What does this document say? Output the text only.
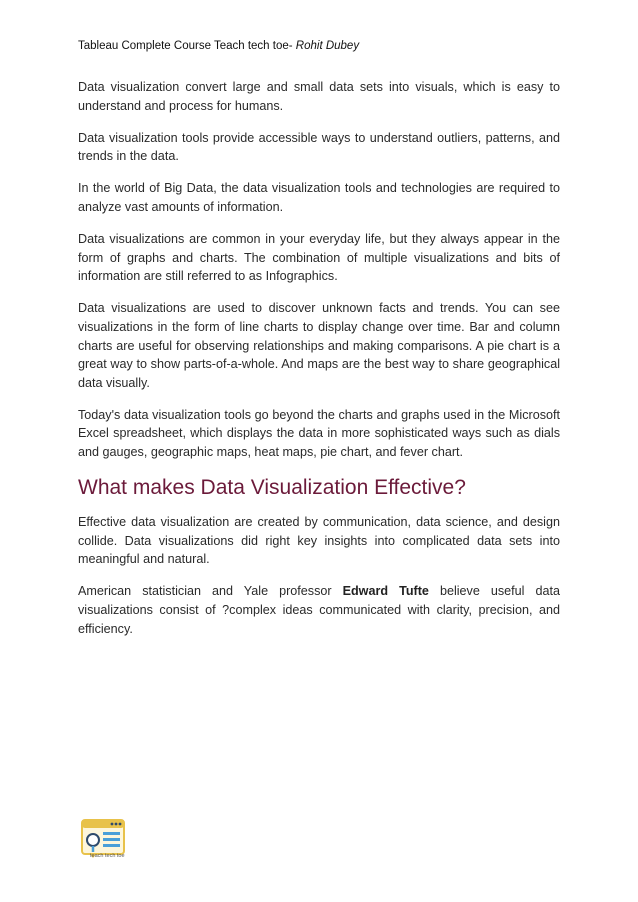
Tableau Complete Course Teach tech toe- Rohit Dubey

Data visualization convert large and small data sets into visuals, which is easy to understand and process for humans.

Data visualization tools provide accessible ways to understand outliers, patterns, and trends in the data.

In the world of Big Data, the data visualization tools and technologies are required to analyze vast amounts of information.

Data visualizations are common in your everyday life, but they always appear in the form of graphs and charts. The combination of multiple visualizations and bits of information are still referred to as Infographics.

Data visualizations are used to discover unknown facts and trends. You can see visualizations in the form of line charts to display change over time. Bar and column charts are useful for observing relationships and making comparisons. A pie chart is a great way to show parts-of-a-whole. And maps are the best way to share geographical data visually.

Today's data visualization tools go beyond the charts and graphs used in the Microsoft Excel spreadsheet, which displays the data in more sophisticated ways such as dials and gauges, geographic maps, heat maps, pie chart, and fever chart.

What makes Data Visualization Effective?

Effective data visualization are created by communication, data science, and design collide. Data visualizations did right key insights into complicated data sets into meaningful and natural.

American statistician and Yale professor Edward Tufte believe useful data visualizations consist of ?complex ideas communicated with clarity, precision, and efficiency.

teach tech toe
